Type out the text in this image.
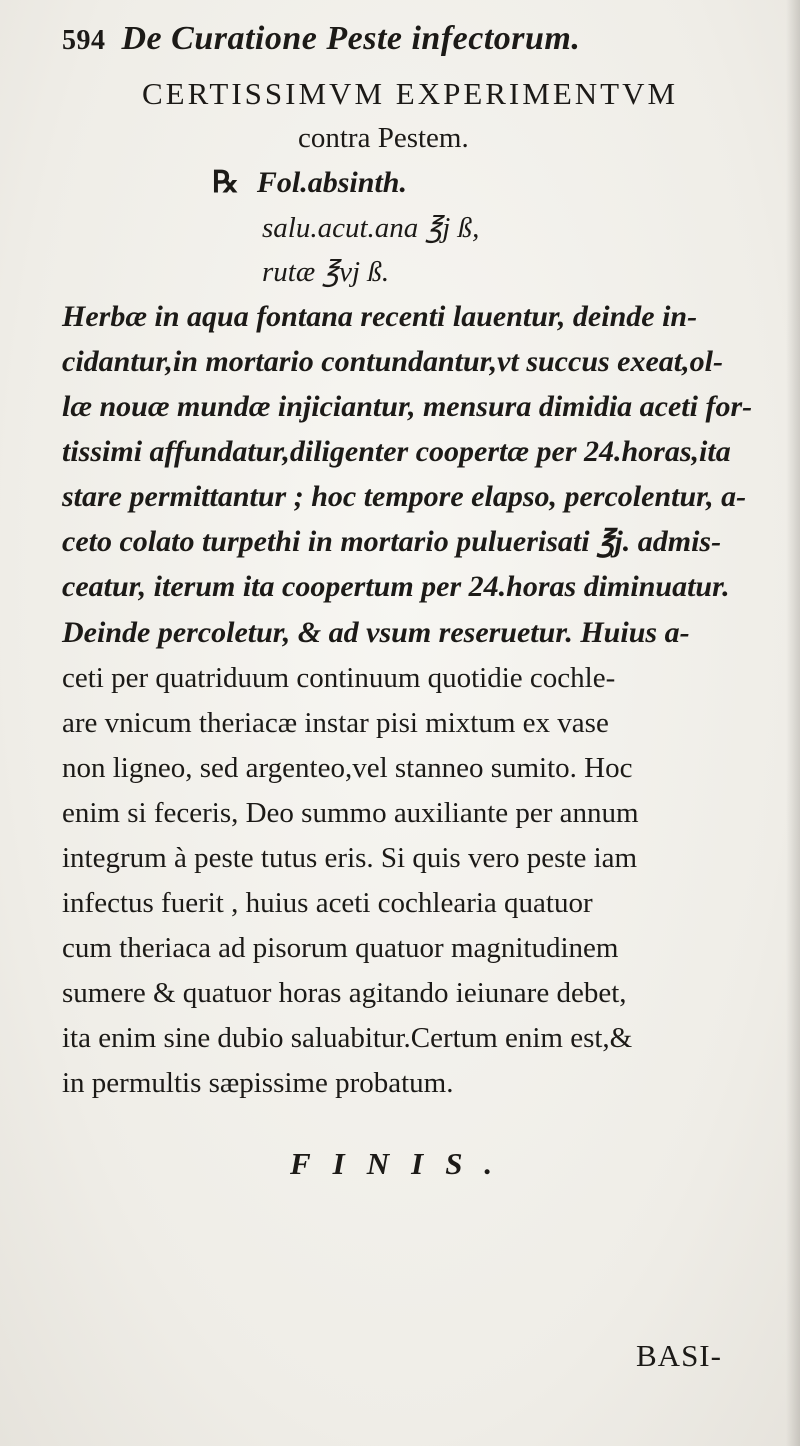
594 De Curatione Peste infectorum.
CERTISSIMVM EXPERIMENTVM
contra Pestem.
℞ Fol.absinth.
salu.acut.ana ℥j ß,
rutæ ℥vj ß.
Herbæ in aqua fontana recenti lauentur, deinde in-
cidantur,in mortario contundantur,vt succus exeat,ol-
læ nouæ mundæ injiciantur, mensura dimidia aceti for-
tissimi affundatur,diligenter coopertæ per 24.horas,ita
stare permittantur ; hoc tempore elapso, percolentur, a-
ceto colato turpethi in mortario puluerisati ℥j. admis-
ceatur, iterum ita coopertum per 24.horas diminuatur.
Deinde percoletur, & ad vsum reseruetur. Huius a-
ceti per quatriduum continuum quotidie cochle-
are vnicum theriacæ instar pisi mixtum ex vase
non ligneo, sed argenteo,vel stanneo sumito. Hoc
enim si feceris, Deo summo auxiliante per annum
integrum à peste tutus eris. Si quis vero peste iam
infectus fuerit , huius aceti cochlearia quatuor
cum theriaca ad pisorum quatuor magnitudinem
sumere & quatuor horas agitando ieiunare debet,
ita enim sine dubio saluabitur.Certum enim est,&
in permultis sæpissime probatum.
FINIS.
BASI-
